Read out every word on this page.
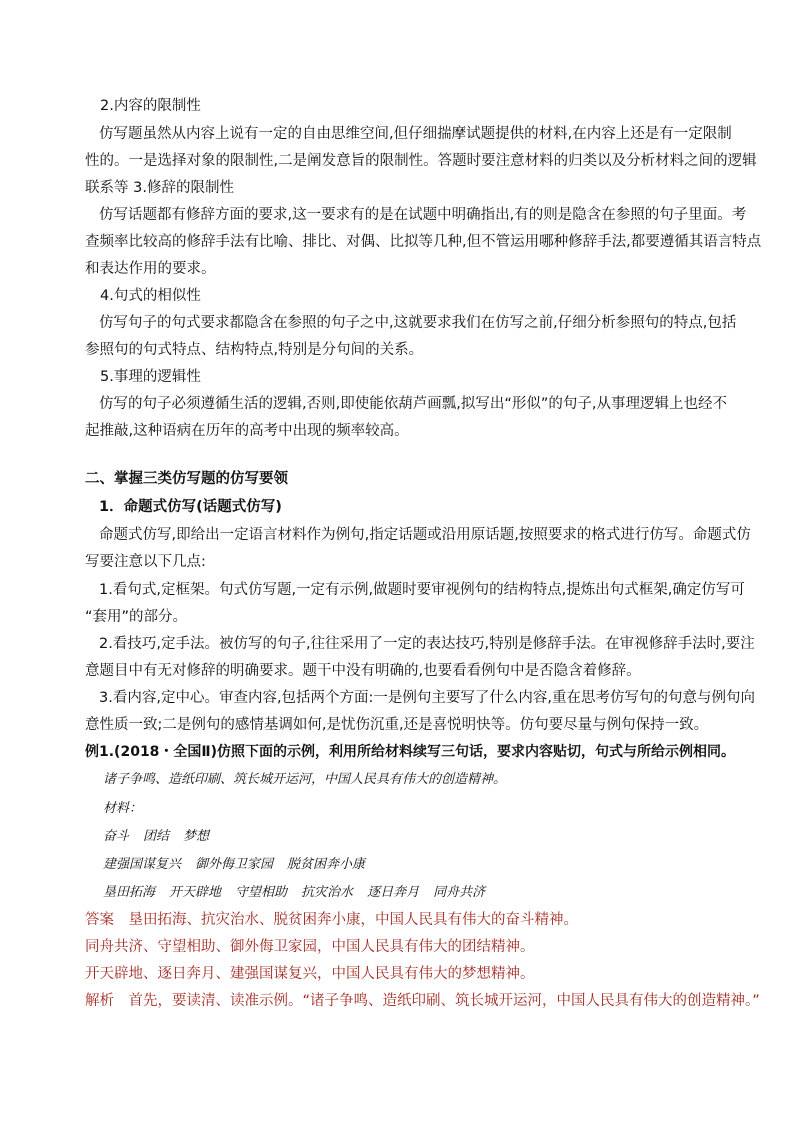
2.内容的限制性
仿写题虽然从内容上说有一定的自由思维空间,但仔细揣摩试题提供的材料,在内容上还是有一定限制
性的。一是选择对象的限制性,二是阐发意旨的限制性。答题时要注意材料的归类以及分析材料之间的逻辑
联系等 3.修辞的限制性
仿写话题都有修辞方面的要求,这一要求有的是在试题中明确指出,有的则是隐含在参照的句子里面。考
查频率比较高的修辞手法有比喻、排比、对偶、比拟等几种,但不管运用哪种修辞手法,都要遵循其语言特点
和表达作用的要求。
4.句式的相似性
仿写句子的句式要求都隐含在参照的句子之中,这就要求我们在仿写之前,仔细分析参照句的特点,包括
参照句的句式特点、结构特点,特别是分句间的关系。
5.事理的逻辑性
仿写的句子必须遵循生活的逻辑,否则,即使能依葫芦画瓢,拟写出“形似”的句子,从事理逻辑上也经不
起推敲,这种语病在历年的高考中出现的频率较高。
二、掌握三类仿写题的仿写要领
1．命题式仿写(话题式仿写)
命题式仿写,即给出一定语言材料作为例句,指定话题或沿用原话题,按照要求的格式进行仿写。命题式仿
写要注意以下几点:
1.看句式,定框架。句式仿写题,一定有示例,做题时要审视例句的结构特点,提炼出句式框架,确定仿写可
“套用”的部分。
2.看技巧,定手法。被仿写的句子,往往采用了一定的表达技巧,特别是修辞手法。在审视修辞手法时,要注
意题目中有无对修辞的明确要求。题干中没有明确的,也要看看例句中是否隐含着修辞。
3.看内容,定中心。审查内容,包括两个方面:一是例句主要写了什么内容,重在思考仿写句的句意与例句向
意性质一致;二是例句的感情基调如何,是忧伤沉重,还是喜悦明快等。仿句要尽量与例句保持一致。
例1.(2018・全国Ⅱ)仿照下面的示例，利用所给材料续写三句话，要求内容贴切，句式与所给示例相同。
诸子争鸣、造纸印刷、筑长城开运河，中国人民具有伟大的创造精神。
材料：
奋斗 团结 梦想
建强国谋复兴 御外侮卫家园 脱贫困奔小康
垦田拓海 开天辟地 守望相助 抗灾治水 逐日奔月 同舟共济
答案  垦田拓海、抗灾治水、脱贫困奔小康，中国人民具有伟大的奋斗精神。
同舟共济、守望相助、御外侮卫家园，中国人民具有伟大的团结精神。
开天辟地、逐日奔月、建强国谋复兴，中国人民具有伟大的梦想精神。
解析  首先，要读清、读准示例。“诸子争鸣、造纸印刷、筑长城开运河，中国人民具有伟大的创造精神。”
